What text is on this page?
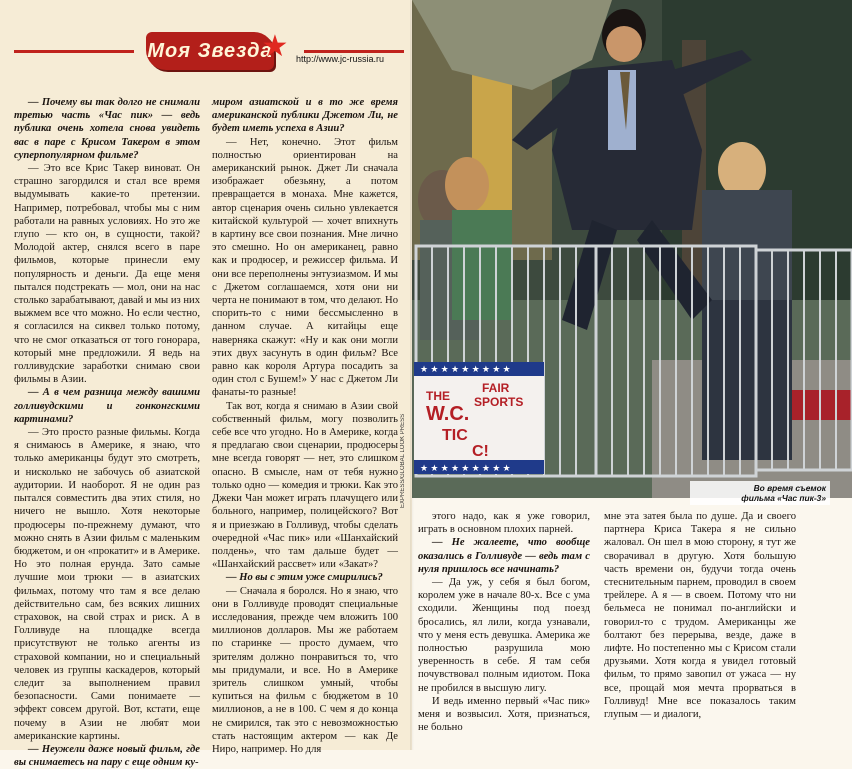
Моя Звезда
★ http://www.jc-russia.ru

— Почему вы так долго не снимали третью часть «Час пик» — ведь публика очень хотела снова увидеть вас в паре с Крисом Такером в этом суперпопулярном фильме?

— Это все Крис Такер виноват. Он страшно загордился и стал все время выдумывать какие-то претензии. Например, потребовал, чтобы мы с ним работали на равных условиях. Но это же глупо — кто он, в сущности, такой? Молодой актер, снялся всего в паре фильмов, которые принесли ему популярность и деньги. Да еще меня пытался подстрекать — мол, они на нас столько зарабатывают, давай и мы из них выжмем все что можно. Но если честно, я согласился на сиквел только потому, что не смог отказаться от того гонорара, который мне предложили. Я ведь на голливудские заработки снимаю свои фильмы в Азии.

— А в чем разница между вашими голливудскими и гонконгскими картинами?

— Это просто разные фильмы. Когда я снимаюсь в Америке, я знаю, что только американцы будут это смотреть, и нисколько не забочусь об азиатской аудитории. И наоборот. Я не один раз пытался совместить два этих стиля, но ничего не вышло. Хотя некоторые продюсеры по-прежнему думают, что можно снять в Азии фильм с маленьким бюджетом, и он «прокатит» и в Америке. Но это полная ерунда. Зато самые лучшие мои трюки — в азиатских фильмах, потому что там я все делаю действительно сам, без всяких лишних страховок, на свой страх и риск. А в Голливуде на площадке всегда присутствуют не только агенты из страховой компании, но и специальный человек из группы каскадеров, который следит за выполнением правил безопасности. Сами понимаете — эффект совсем другой. Вот, кстати, еще почему в Азии не любят мои американские картины.

— Неужели даже новый фильм, где вы снимаетесь на пару с еще одним ку-

миром азиатской и в то же время американской публики Джетом Ли, не будет иметь успеха в Азии?

— Нет, конечно. Этот фильм полностью ориентирован на американский рынок. Джет Ли сначала изображает обезьяну, а потом превращается в монаха. Мне кажется, автор сценария очень сильно увлекается китайской культурой — хочет впихнуть в картину все свои познания. Мне лично это смешно. Но он американец, равно как и продюсер, и режиссер фильма. И они все переполнены энтузиазмом. И мы с Джетом соглашаемся, хотя они ни черта не понимают в том, что делают. Но спорить-то с ними бессмысленно в данном случае. А китайцы еще наверняка скажут: «Ну и как они могли этих двух засунуть в один фильм? Все равно как короля Артура посадить за один стол с Бушем!» У нас с Джетом Ли фанаты-то разные!

Так вот, когда я снимаю в Азии свой собственный фильм, могу позволить себе все что угодно. Но в Америке, когда я предлагаю свои сценарии, продюсеры мне всегда говорят — нет, это слишком опасно. В смысле, нам от тебя нужно только одно — комедия и трюки. Как это Джеки Чан может играть плачущего или больного, например, полицейского? Вот я и приезжаю в Голливуд, чтобы сделать очередной «Час пик» или «Шанхайский полдень», что там дальше будет — «Шанхайский рассвет» или «Закат»?

— Но вы с этим уже смирились?

— Сначала я боролся. Но я знаю, что они в Голливуде проводят специальные исследования, прежде чем вложить 100 миллионов долларов. Мы же работаем по старинке — просто думаем, что зрителям должно понравиться то, что мы придумали, и все. Но в Америке зритель слишком умный, чтобы купиться на фильм с бюджетом в 10 миллионов, а не в 100. С чем я до конца не смирился, так это с невозможностью стать настоящим актером — как Де Ниро, например. Но для

этого надо, как я уже говорил, играть в основном плохих парней.

— Не жалеете, что вообще оказались в Голливуде — ведь там с нуля пришлось все начинать?

— Да уж, у себя я был богом, королем уже в начале 80-х. Все с ума сходили. Женщины под поезд бросались, ял лили, когда узнавали, что у меня есть девушка. Америка же полностью разрушила мою уверенность в себе. Я там себя почувствовал полным идиотом. Пока не пробился в высшую лигу.

И ведь именно первый «Час пик» меня и возвысил. Хотя, признаться, не больно

мне эта затея была по душе. Да и своего партнера Криса Такера я не сильно жаловал. Он шел в мою сторону, я тут же сворачивал в другую. Хотя большую часть времени он, будучи тогда очень стеснительным парнем, проводил в своем трейлере. А я — в своем. Потому что ни бельмеса не понимал по-английски и говорил-то с трудом. Американцы же болтают без перерыва, везде, даже в лифте. Но постепенно мы с Крисом стали друзьями. Хотя когда я увидел готовый фильм, то прямо завопил от ужаса — ну все, прощай моя мечта прорваться в Голливуд! Мне все показалось таким глупым — и диалоги,

★ ★ ★ ★ ★ ★ ★ ★ ★
★ ★ ★ ★ ★ ★ ★ ★ ★
FAIR
SPORTS
THE
W.C.
TIC
C!
EXPRESS/GLOBAL LOOK PRESS	Во время съемок
фильма «Час пик-3»
